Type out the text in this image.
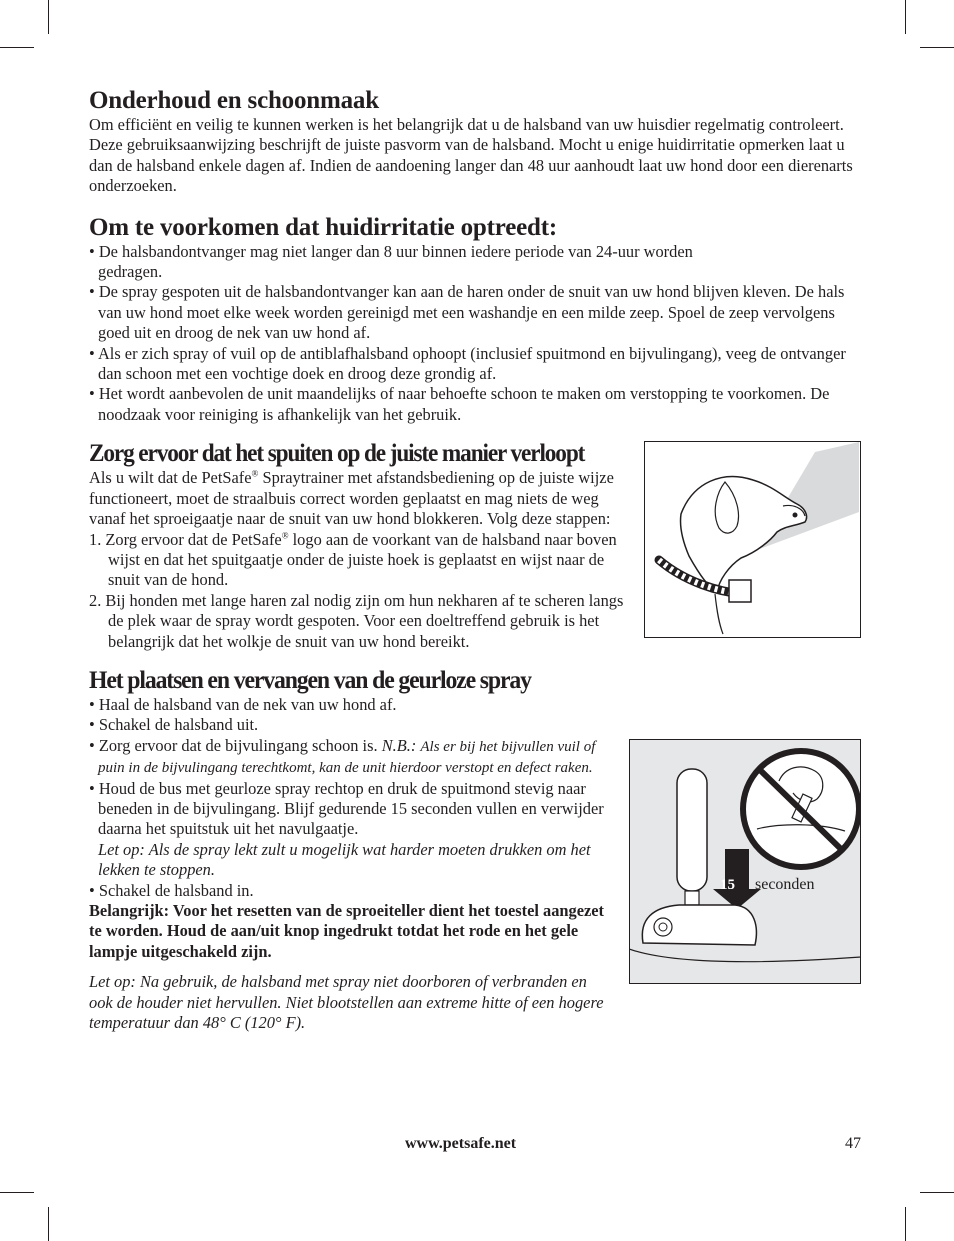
Onderhoud en schoonmaak

Om efficiënt en veilig te kunnen werken is het belangrijk dat u de halsband van uw huisdier regelmatig controleert. Deze gebruiksaanwijzing beschrijft de juiste pasvorm van de halsband. Mocht u enige huidirritatie opmerken laat u dan de halsband enkele dagen af. Indien de aandoening langer dan 48 uur aanhoudt laat uw hond door een dierenarts onderzoeken.

Om te voorkomen dat huidirritatie optreedt:
• De halsbandontvanger mag niet langer dan 8 uur binnen iedere periode van 24-uur worden gedragen.
• De spray gespoten uit de halsbandontvanger kan aan de haren onder de snuit van uw hond blijven kleven. De hals van uw hond moet elke week worden gereinigd met een washandje en een milde zeep. Spoel de zeep vervolgens goed uit en droog de nek van uw hond af.
• Als er zich spray of vuil op de antiblafhalsband ophoopt (inclusief spuitmond en bijvulingang), veeg de ontvanger dan schoon met een vochtige doek en droog deze grondig af.
• Het wordt aanbevolen de unit maandelijks of naar behoefte schoon te maken om verstopping te voorkomen. De noodzaak voor reiniging is afhankelijk van het gebruik.
Zorg ervoor dat het spuiten op de juiste manier verloopt

Als u wilt dat de PetSafe® Spraytrainer met afstandsbediening op de juiste wijze functioneert, moet de straalbuis correct worden geplaatst en mag niets de weg vanaf het sproeigaatje naar de snuit van uw hond blokkeren. Volg deze stappen:

1. Zorg ervoor dat de PetSafe® logo aan de voorkant van de halsband naar boven wijst en dat het spuitgaatje onder de juiste hoek is geplaatst en wijst naar de snuit van de hond.
2. Bij honden met lange haren zal nodig zijn om hun nekharen af te scheren langs de plek waar de spray wordt gespoten. Voor een doeltreffend gebruik is het belangrijk dat het wolkje de snuit van uw hond bereikt.
Het plaatsen en vervangen van de geurloze spray
• Haal de halsband van de nek van uw hond af.
• Schakel de halsband uit.
• Zorg ervoor dat de bijvulingang schoon is. N.B.: Als er bij het bijvullen vuil of puin in de bijvulingang terechtkomt, kan de unit hierdoor verstopt en defect raken.
• Houd de bus met geurloze spray rechtop en druk de spuitmond stevig naar beneden in de bijvulingang. Blijf gedurende 15 seconden vullen en verwijder daarna het spuitstuk uit het navulgaatje.

Let op: Als de spray lekt zult u mogelijk wat harder moeten drukken om het lekken te stoppen.

• Schakel de halsband in.

Belangrijk: Voor het resetten van de sproeiteller dient het toestel aangezet te worden. Houd de aan/uit knop ingedrukt totdat het rode en het gele lampje uitgeschakeld zijn.

Let op: Na gebruik, de halsband met spray niet doorboren of verbranden en ook de houder niet hervullen. Niet blootstellen aan extreme hitte of een hogere temperatuur dan 48° C (120° F).

15 seconden
www.petsafe.net	47
